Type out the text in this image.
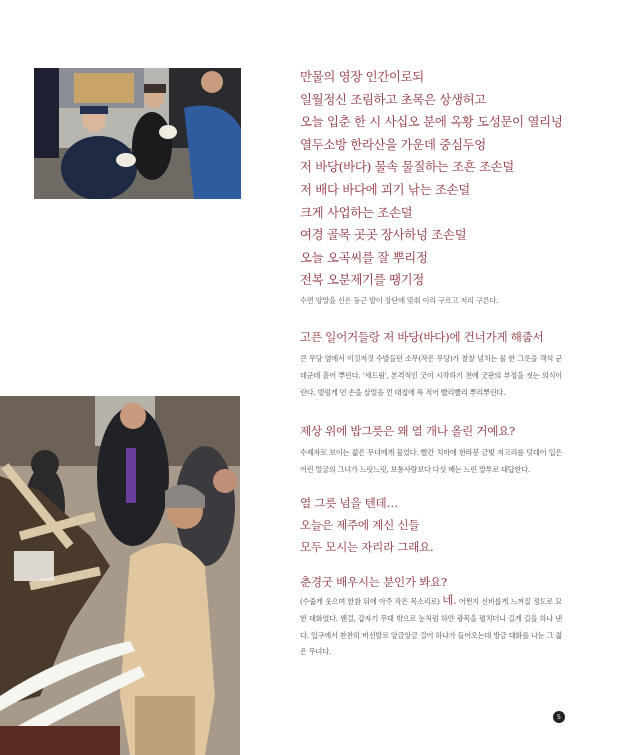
만물의 영장 인간이로되
일월정신 조림하고 초목은 상생허고
오늘 입춘 한 시 사십오 분에 옥황 도성문이 열리넝
열두소방 한라산을 가운데 중심두엉
저 바당(바다) 물속 물질하는 조흔 조손덜
저 배다 바다에 괴기 낚는 조손덜
크게 사업하는 조손덜
여경 골목 곳곳 장사하넝 조손덜
오늘 오곡씨를 잘 뿌리정
전복 오분제기를 땡기정
수면 양말을 신은 둥근 발이 장단에 맞춰 이리 구르고 저리 구른다.
고픈 일어거들랑 저 바당(바다)에 건너가게 해줍서
큰 무당 옆에서 이것저것 수발들던 소무(작은 무당)가 찰찰 넘치는 물 한 그릇을 객석 군데군데 흩어 뿌린다. '새드림', 본격적인 굿이 시작하기 전에 굿판의 부정을 씻는 의식이란다. 벌렁게 언 손을 살얼음 낀 대접에 푹 적어 빨리빨리 뿌리뿌린다.
제상 위에 밥그릇은 왜 열 개나 올린 거예요?
수제자로 보이는 젊은 무녀에게 물었다. 빨간 치마에 한라봉 금빛 저고리를 덧대어 입은 어린 얼굴의 그녀가 느릿느릿, 보통사람보다 다섯 배는 느린 말투로 대답한다.
열 그릇 넘을 텐데…
오늘은 제주에 계신 신들
모두 모시는 자리라 그래요.
춘경굿 배우시는 분인가 봐요?
(수줍게 웃으며 한참 뒤에 아주 작은 목소리로) 네. 어쩐지 신비롭게 느껴질 정도로 묘한 대화였다. 웬걸, 갑자기 무대 밖으로 눈처럼 하얀 광목을 펼치더니 길게 길을 하나 낸다. 입구에서 찬찬히 버선발로 앙금앙금 걸어 하나가 들어오는데 방금 대화를 나눈 그 젊은 무녀다.
5
